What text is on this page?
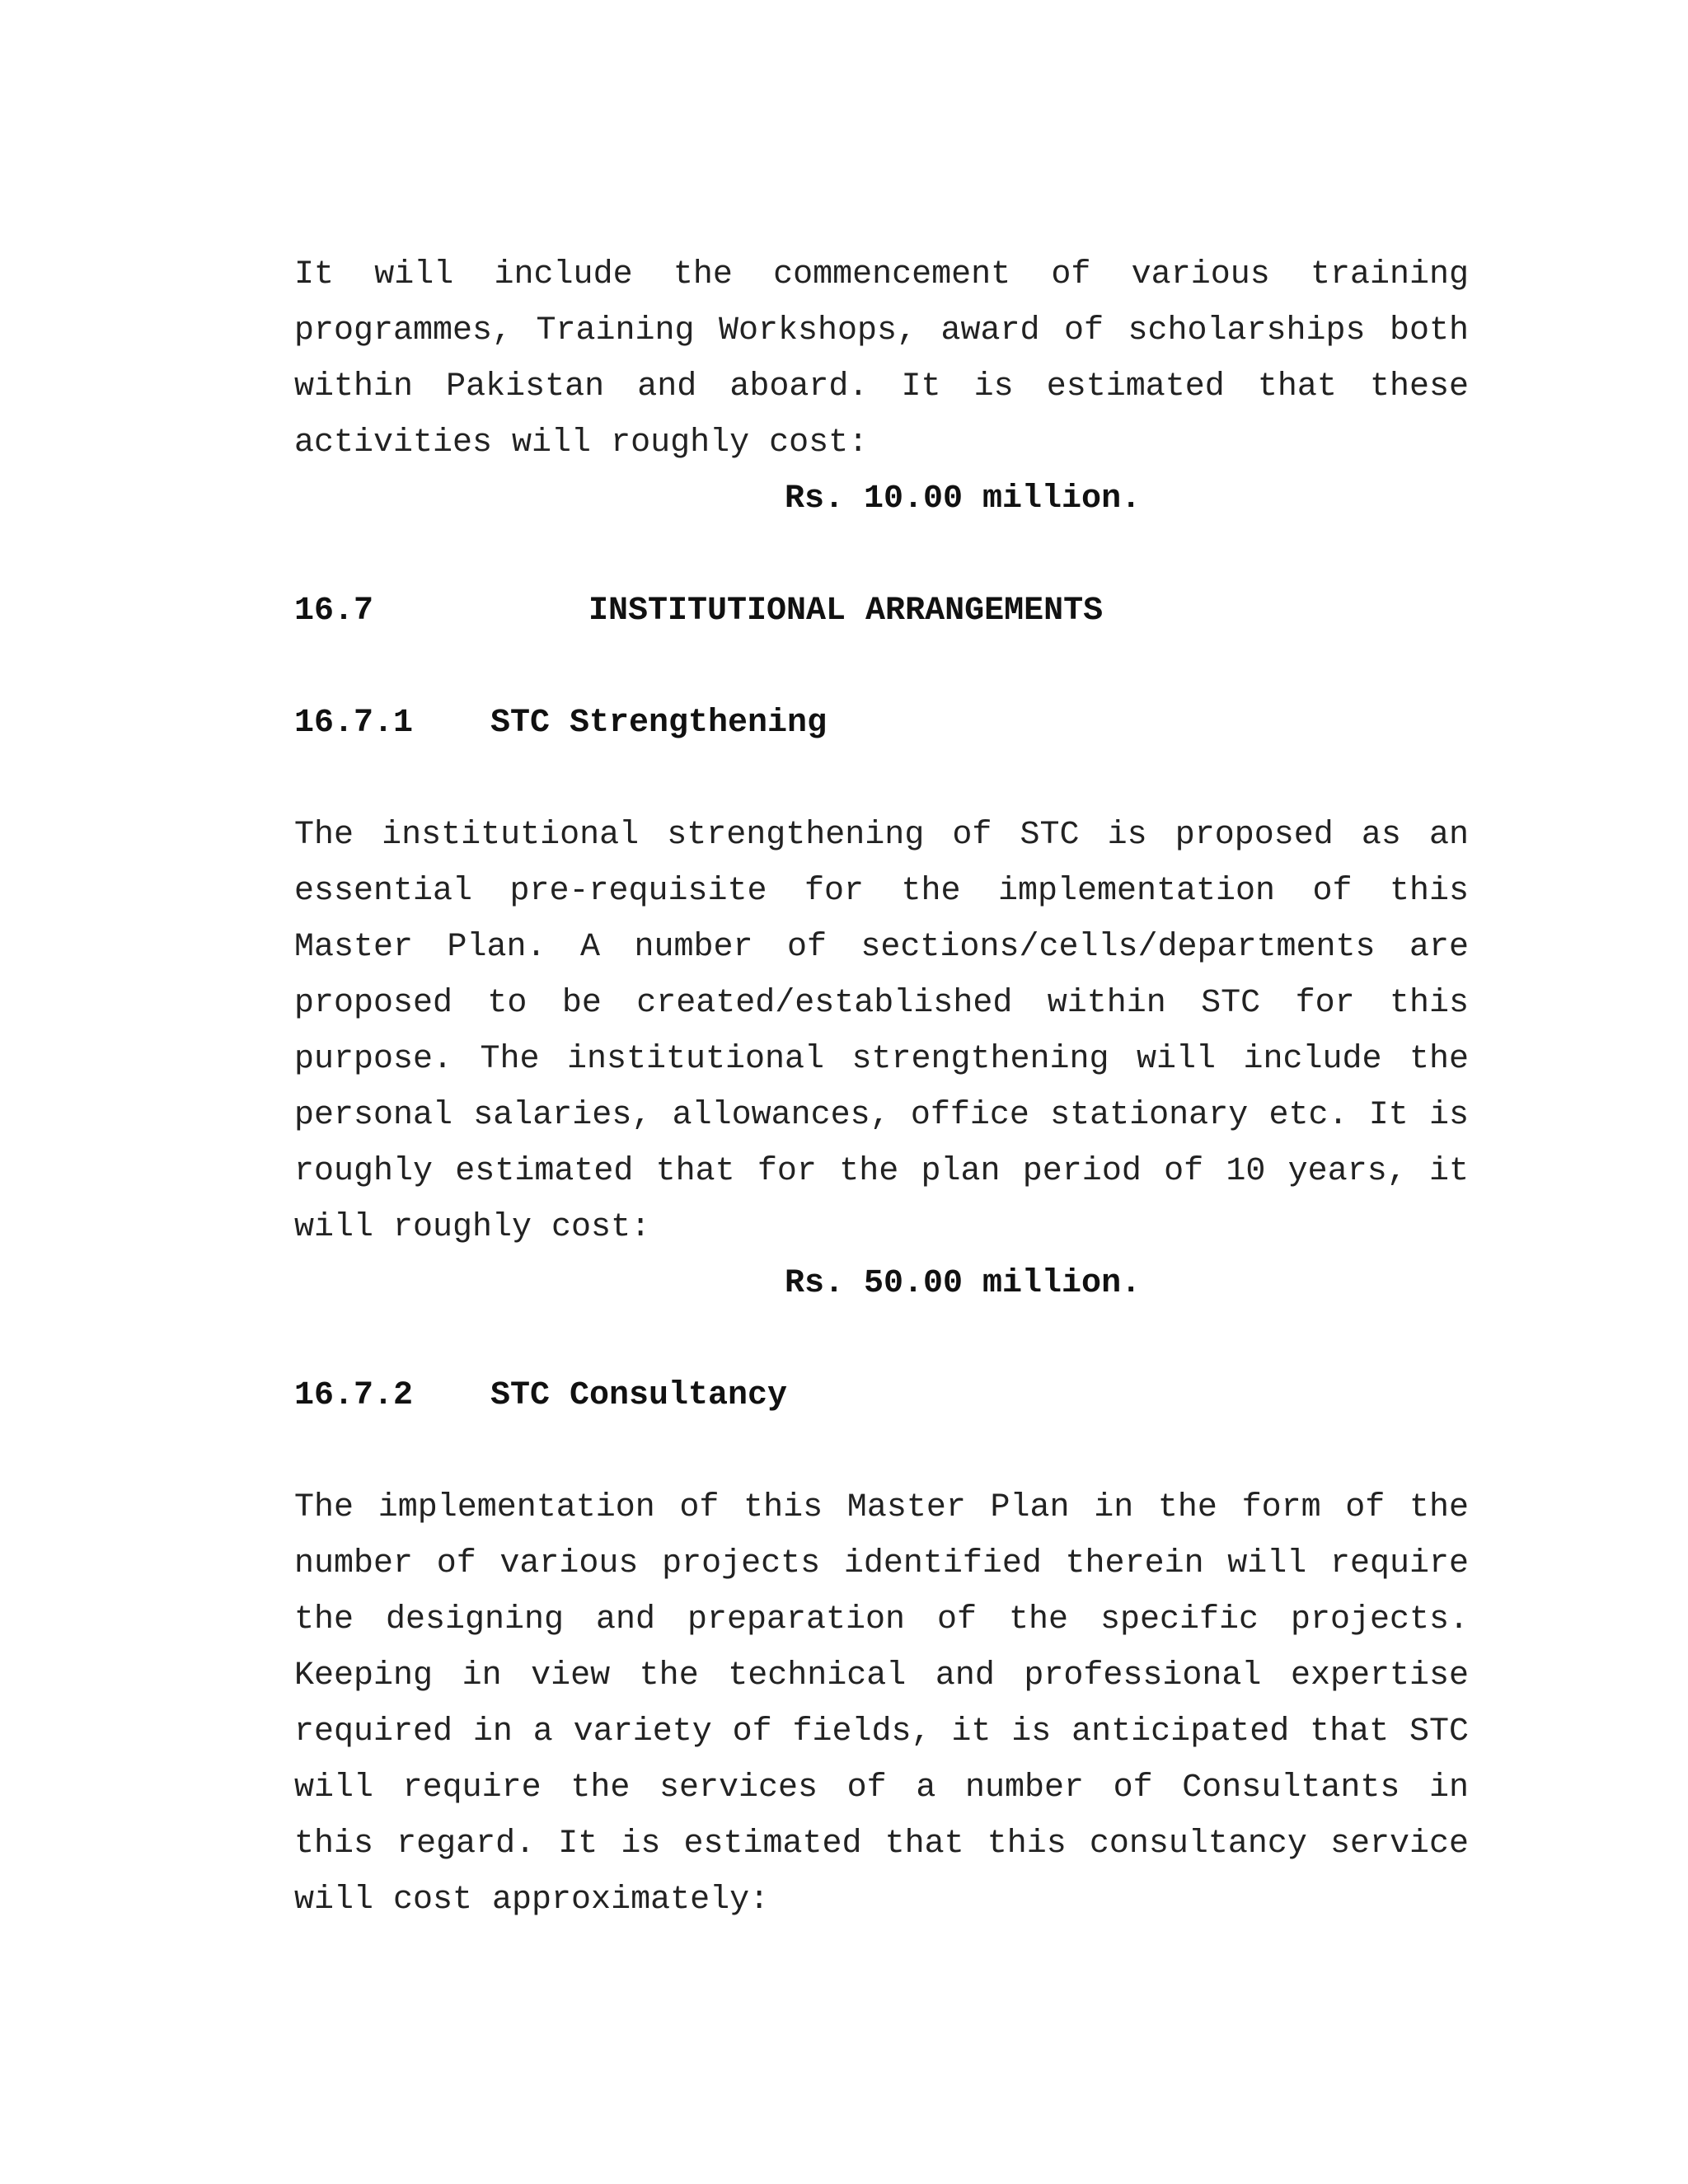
It will include the commencement of various training programmes, Training Workshops, award of scholarships both within Pakistan and aboard. It is estimated that these activities will roughly cost:

Rs. 10.00 million.

16.7	INSTITUTIONAL ARRANGEMENTS
16.7.1	STC Strengthening

The institutional strengthening of STC is proposed as an essential pre-requisite for the implementation of this Master Plan. A number of sections/cells/departments are proposed to be created/established within STC for this purpose. The institutional strengthening will include the personal salaries, allowances, office stationary etc. It is roughly estimated that for the plan period of 10 years, it will roughly cost:

Rs. 50.00 million.

16.7.2	STC Consultancy

The implementation of this Master Plan in the form of the number of various projects identified therein will require the designing and preparation of the specific projects. Keeping in view the technical and professional expertise required in a variety of fields, it is anticipated that STC will require the services of a number of Consultants in this regard. It is estimated that this consultancy service will cost approximately:
